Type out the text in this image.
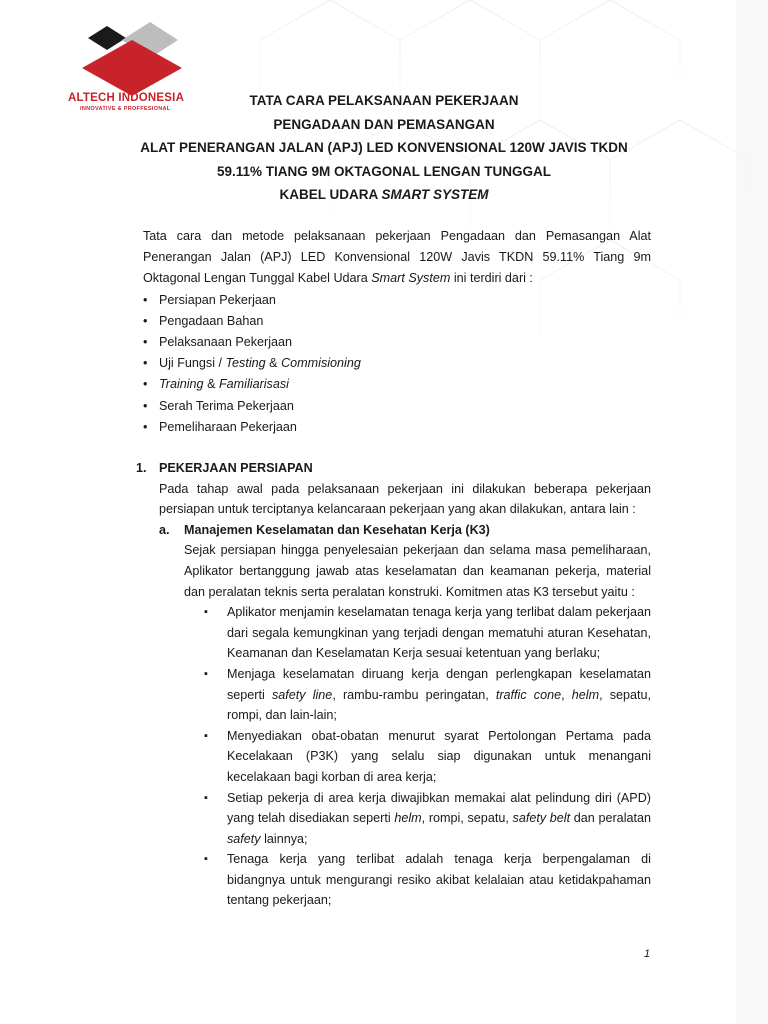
ALTECH INDONESIA
INNOVATIVE & PROFFESIONAL
TATA CARA PELAKSANAAN PEKERJAAN
PENGADAAN DAN PEMASANGAN
ALAT PENERANGAN JALAN (APJ) LED KONVENSIONAL 120W JAVIS TKDN
59.11% TIANG 9M OKTAGONAL LENGAN TUNGGAL
KABEL UDARA SMART SYSTEM
Tata cara dan metode pelaksanaan pekerjaan Pengadaan dan Pemasangan Alat Penerangan Jalan (APJ) LED Konvensional 120W Javis TKDN 59.11% Tiang 9m Oktagonal Lengan Tunggal Kabel Udara Smart System ini terdiri dari :
• Persiapan Pekerjaan
• Pengadaan Bahan
• Pelaksanaan Pekerjaan
• Uji Fungsi / Testing & Commisioning
• Training & Familiarisasi
• Serah Terima Pekerjaan
• Pemeliharaan Pekerjaan
1. PEKERJAAN PERSIAPAN
Pada tahap awal pada pelaksanaan pekerjaan ini dilakukan beberapa pekerjaan persiapan untuk terciptanya kelancaraan pekerjaan yang akan dilakukan, antara lain :
a. Manajemen Keselamatan dan Kesehatan Kerja (K3)
Sejak persiapan hingga penyelesaian pekerjaan dan selama masa pemeliharaan, Aplikator bertanggung jawab atas keselamatan dan keamanan pekerja, material dan peralatan teknis serta peralatan konstruki. Komitmen atas K3 tersebut yaitu :
▪ Aplikator menjamin keselamatan tenaga kerja yang terlibat dalam pekerjaan dari segala kemungkinan yang terjadi dengan mematuhi aturan Kesehatan, Keamanan dan Keselamatan Kerja sesuai ketentuan yang berlaku;
▪ Menjaga keselamatan diruang kerja dengan perlengkapan keselamatan seperti safety line, rambu-rambu peringatan, traffic cone, helm, sepatu, rompi, dan lain-lain;
▪ Menyediakan obat-obatan menurut syarat Pertolongan Pertama pada Kecelakaan (P3K) yang selalu siap digunakan untuk menangani kecelakaan bagi korban di area kerja;
▪ Setiap pekerja di area kerja diwajibkan memakai alat pelindung diri (APD) yang telah disediakan seperti helm, rompi, sepatu, safety belt dan peralatan safety lainnya;
▪ Tenaga kerja yang terlibat adalah tenaga kerja berpengalaman di bidangnya untuk mengurangi resiko akibat kelalaian atau ketidakpahaman tentang pekerjaan;
1
